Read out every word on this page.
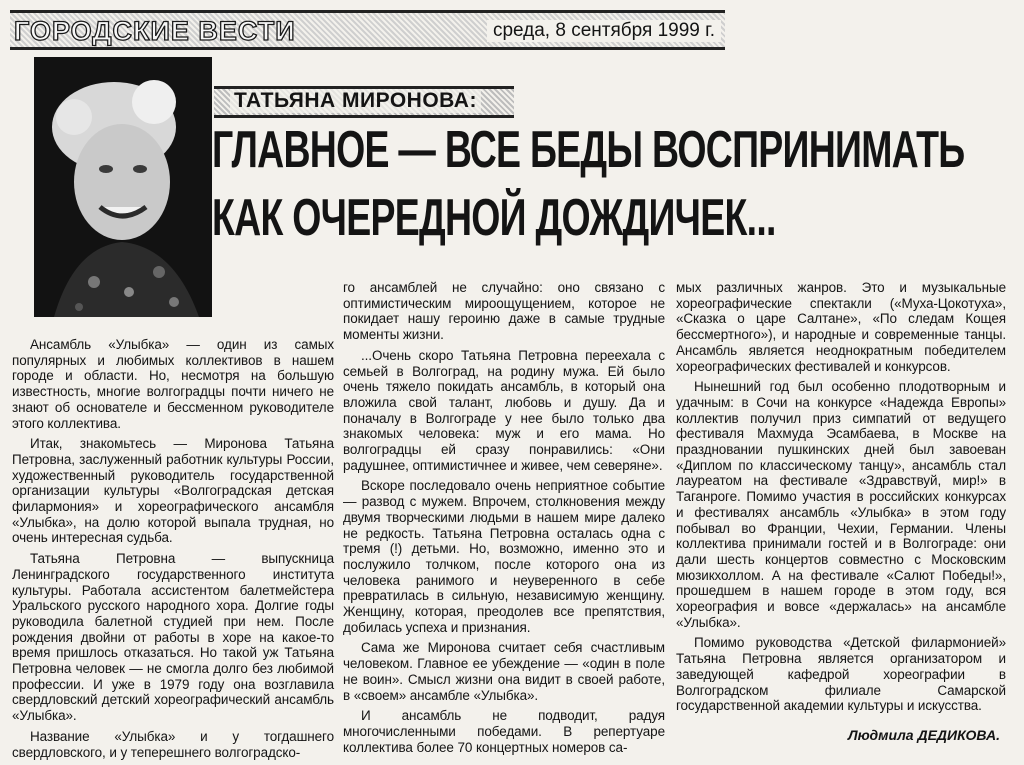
ГОРОДСКИЕ ВЕСТИ	среда, 8 сентября 1999 г.
ТАТЬЯНА МИРОНОВА:
ГЛАВНОЕ — ВСЕ БЕДЫ ВОСПРИНИМАТЬ
КАК ОЧЕРЕДНОЙ ДОЖДИЧЕК...

Ансамбль «Улыбка» — один из самых популярных и любимых коллективов в нашем городе и области. Но, несмотря на большую известность, многие волгоградцы почти ничего не знают об основателе и бессменном руководителе этого коллектива.

Итак, знакомьтесь — Миронова Татьяна Петровна, заслуженный работник культуры России, художественный руководитель государственной организации культуры «Волгоградская детская филармония» и хореографического ансамбля «Улыбка», на долю которой выпала трудная, но очень интересная судьба.

Татьяна Петровна — выпускница Ленинградского государственного института культуры. Работала ассистентом балетмейстера Уральского русского народного хора. Долгие годы руководила балетной студией при нем. После рождения двойни от работы в хоре на какое-то время пришлось отказаться. Но такой уж Татьяна Петровна человек — не смогла долго без любимой профессии. И уже в 1979 году она возглавила свердловский детский хореографический ансамбль «Улыбка».

Название «Улыбка» и у тогдашнего свердловского, и у теперешнего волгоградско-

го ансамблей не случайно: оно связано с оптимистическим мироощущением, которое не покидает нашу героиню даже в самые трудные моменты жизни.

...Очень скоро Татьяна Петровна переехала с семьей в Волгоград, на родину мужа. Ей было очень тяжело покидать ансамбль, в который она вложила свой талант, любовь и душу. Да и поначалу в Волгограде у нее было только два знакомых человека: муж и его мама. Но волгоградцы ей сразу понравились: «Они радушнее, оптимистичнее и живее, чем северяне».

Вскоре последовало очень неприятное событие — развод с мужем. Впрочем, столкновения между двумя творческими людьми в нашем мире далеко не редкость. Татьяна Петровна осталась одна с тремя (!) детьми. Но, возможно, именно это и послужило толчком, после которого она из человека ранимого и неуверенного в себе превратилась в сильную, независимую женщину. Женщину, которая, преодолев все препятствия, добилась успеха и признания.

Сама же Миронова считает себя счастливым человеком. Главное ее убеждение — «один в поле не воин». Смысл жизни она видит в своей работе, в «своем» ансамбле «Улыбка».

И ансамбль не подводит, радуя многочисленными победами. В репертуаре коллектива более 70 концертных номеров са-

мых различных жанров. Это и музыкальные хореографические спектакли («Муха-Цокотуха», «Сказка о царе Салтане», «По следам Кощея бессмертного»), и народные и современные танцы. Ансамбль является неоднократным победителем хореографических фестивалей и конкурсов.

Нынешний год был особенно плодотворным и удачным: в Сочи на конкурсе «Надежда Европы» коллектив получил приз симпатий от ведущего фестиваля Махмуда Эсамбаева, в Москве на праздновании пушкинских дней был завоеван «Диплом по классическому танцу», ансамбль стал лауреатом на фестивале «Здравствуй, мир!» в Таганроге. Помимо участия в российских конкурсах и фестивалях ансамбль «Улыбка» в этом году побывал во Франции, Чехии, Германии. Члены коллектива принимали гостей и в Волгограде: они дали шесть концертов совместно с Московским мюзикхоллом. А на фестивале «Салют Победы!», прошедшем в нашем городе в этом году, вся хореография и вовсе «держалась» на ансамбле «Улыбка».

Помимо руководства «Детской филармонией» Татьяна Петровна является организатором и заведующей кафедрой хореографии в Волгоградском филиале Самарской государственной академии культуры и искусства.

Людмила ДЕДИКОВА.
